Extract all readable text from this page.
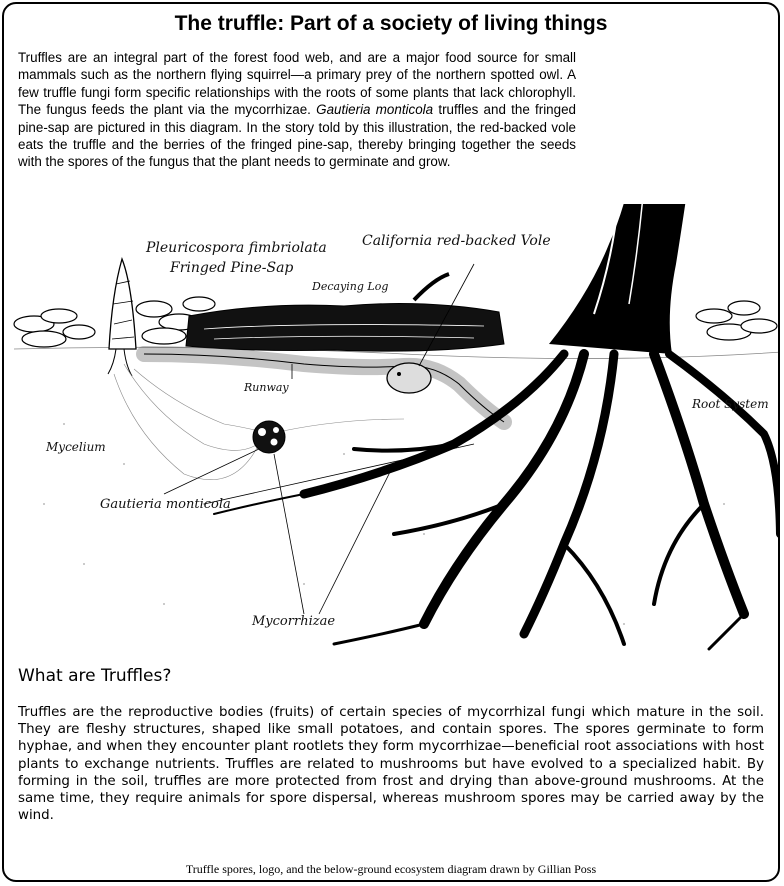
The truffle: Part of a society of living things

Truffles are an integral part of the forest food web, and are a major food source for small mammals such as the northern flying squirrel—a primary prey of the northern spotted owl. A few truffle fungi form specific relationships with the roots of some plants that lack chlorophyll. The fungus feeds the plant via the mycorrhizae. Gautieria monticola truffles and the fringed pine-sap are pictured in this diagram. In the story told by this illustration, the red-backed vole eats the truffle and the berries of the fringed pine-sap, thereby bringing together the seeds with the spores of the fungus that the plant needs to germinate and grow.

Pleuricospora fimbriolata
Fringed Pine-Sap
California red-backed Vole
Decaying Log
Runway
Root System
Mycelium
Gautieria monticola
Mycorrhizae
What are Truffles?

Truffles are the reproductive bodies (fruits) of certain species of mycorrhizal fungi which mature in the soil. They are fleshy structures, shaped like small potatoes, and contain spores. The spores germinate to form hyphae, and when they encounter plant rootlets they form mycorrhizae—beneficial root associations with host plants to exchange nutrients. Truffles are related to mushrooms but have evolved to a specialized habit. By forming in the soil, truffles are more protected from frost and drying than above-ground mushrooms. At the same time, they require animals for spore dispersal, whereas mushroom spores may be carried away by the wind.

Truffle spores, logo, and the below-ground ecosystem diagram drawn by Gillian Poss
